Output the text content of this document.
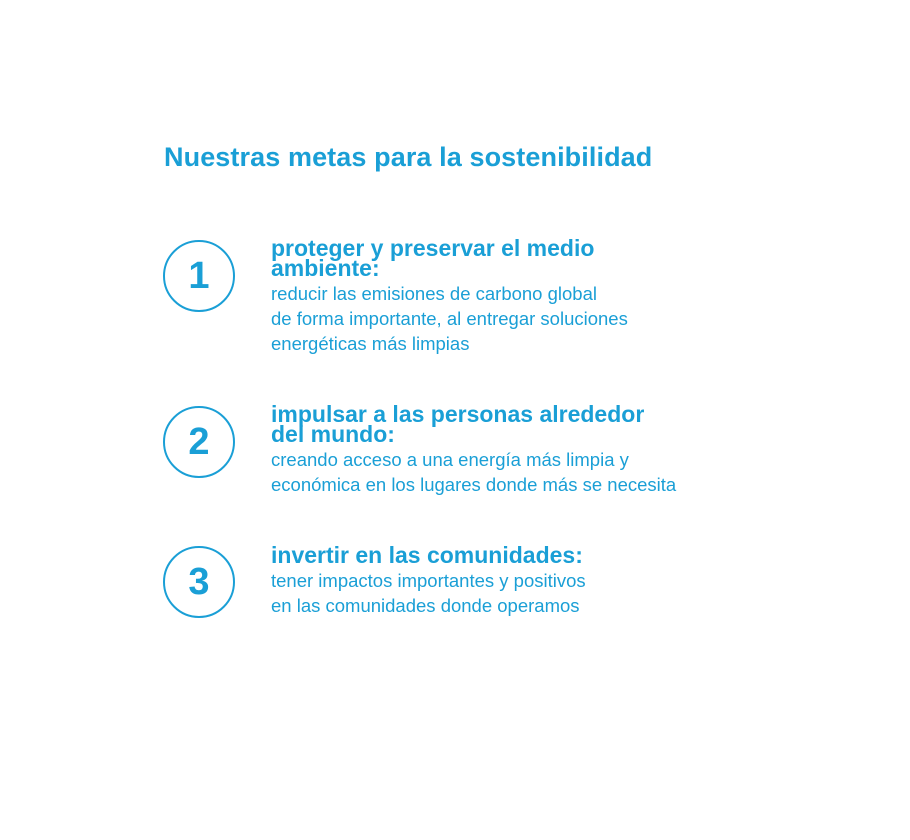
Nuestras metas para la sostenibilidad
1
proteger y preservar el medio
ambiente:

reducir las emisiones de carbono global
de forma importante, al entregar soluciones
energéticas más limpias

2
impulsar a las personas alrededor
del mundo:

creando acceso a una energía más limpia y
económica en los lugares donde más se necesita

3
invertir en las comunidades:

tener impactos importantes y positivos
en las comunidades donde operamos
